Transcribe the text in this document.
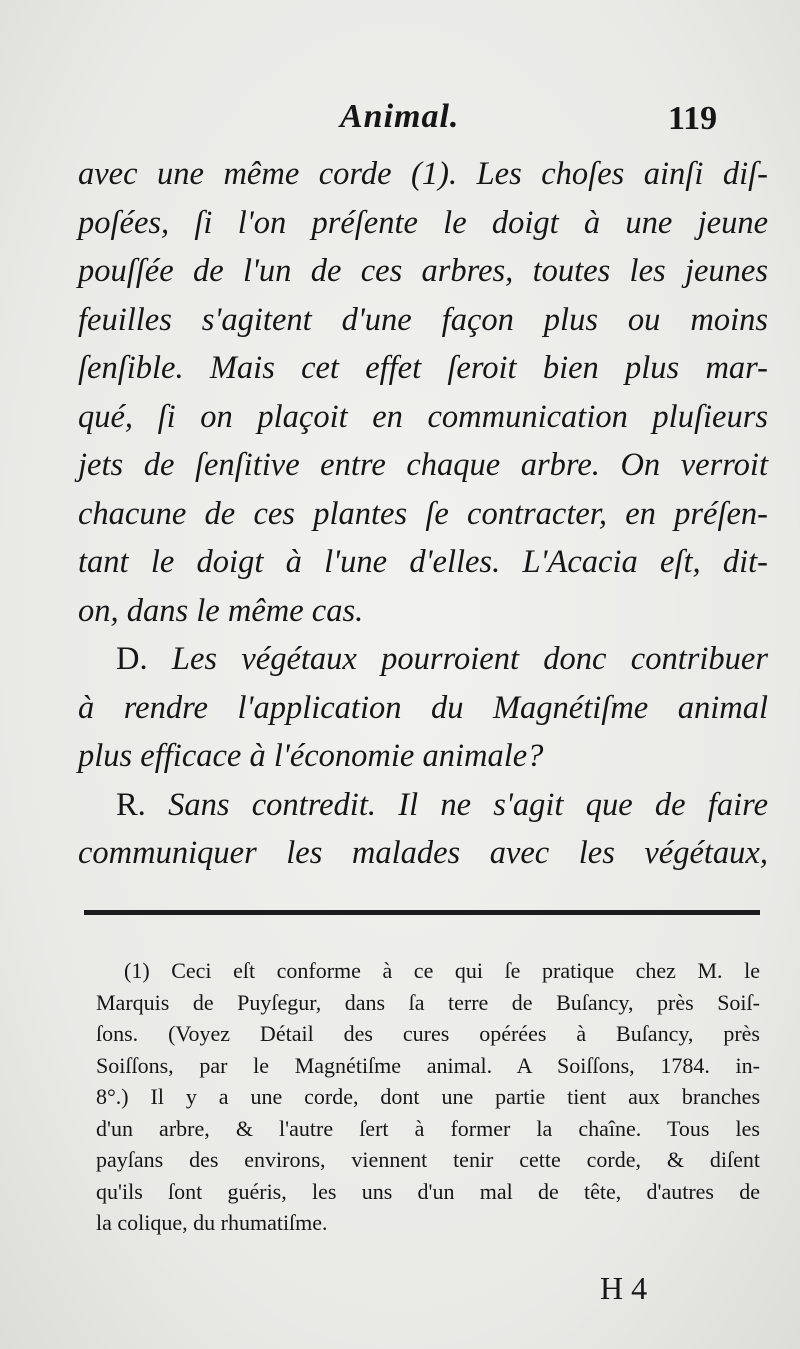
Animal.	119
avec une même corde (1). Les choſes ainſi diſ-
poſées, ſi l'on préſente le doigt à une jeune
pouſſée de l'un de ces arbres, toutes les jeunes
feuilles s'agitent d'une façon plus ou moins
ſenſible. Mais cet effet ſeroit bien plus mar-
qué, ſi on plaçoit en communication pluſieurs
jets de ſenſitive entre chaque arbre. On verroit
chacune de ces plantes ſe contracter, en préſen-
tant le doigt à l'une d'elles. L'Acacia eſt, dit-
on, dans le même cas.
D. Les végétaux pourroient donc contribuer
à rendre l'application du Magnétiſme animal
plus efficace à l'économie animale?
R. Sans contredit. Il ne s'agit que de faire
communiquer les malades avec les végétaux,
(1) Ceci eſt conforme à ce qui ſe pratique chez M. le
Marquis de Puyſegur, dans ſa terre de Buſancy, près Soiſ-
ſons. (Voyez Détail des cures opérées à Buſancy, près
Soiſſons, par le Magnétiſme animal. A Soiſſons, 1784. in-
8°.) Il y a une corde, dont une partie tient aux branches
d'un arbre, & l'autre ſert à former la chaîne. Tous les
payſans des environs, viennent tenir cette corde, & diſent
qu'ils ſont guéris, les uns d'un mal de tête, d'autres de
la colique, du rhumatiſme.
H 4
